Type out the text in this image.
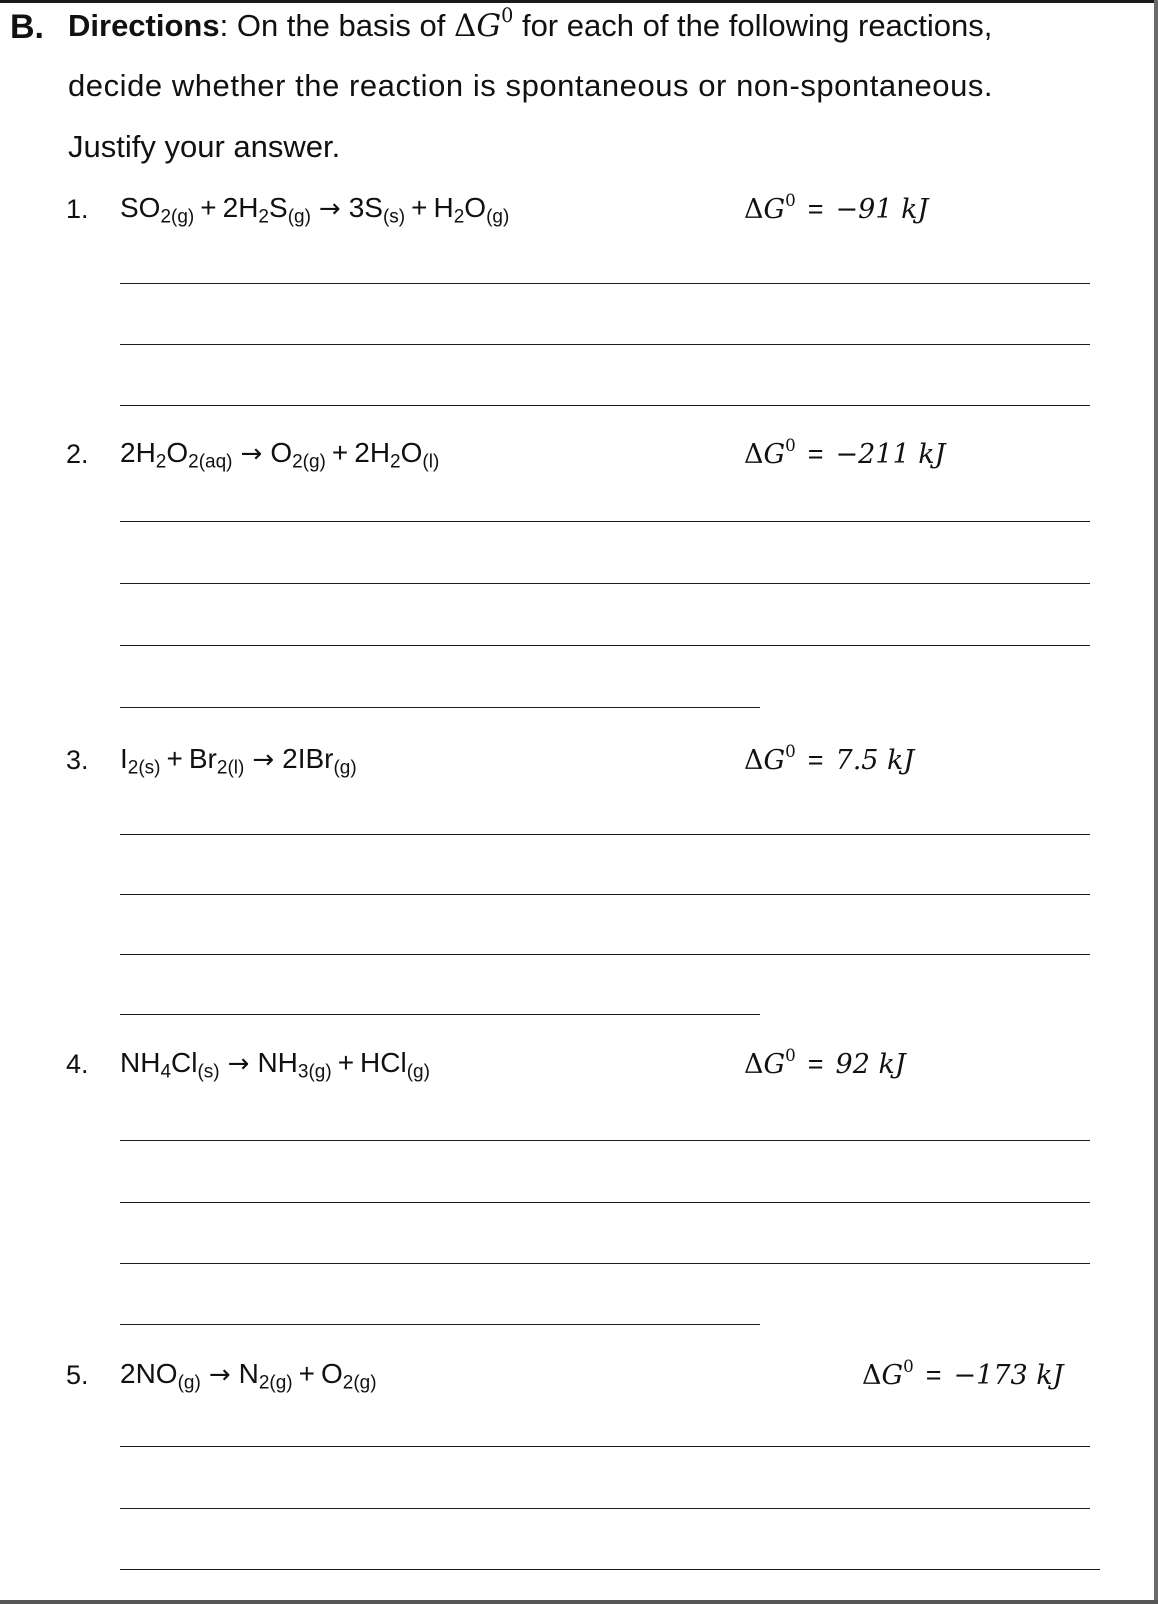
B. Directions: On the basis of $\Delta G^0$ for each of the following reactions,
decide whether the reaction is spontaneous or non-spontaneous.
Justify your answer.
1. $SO_{2(g)} + 2H_2S_{(g)} \to 3S_{(s)} + H_2O_{(g)}$	$\Delta G^0 = -91$ kJ
2. $2H_2O_{2(aq)} \to O_{2(g)} + 2H_2O_{(l)}$	$\Delta G^0 = -211$ kJ
3. $I_{2(s)} + Br_{2(l)} \to 2IBr_{(g)}$	$\Delta G^0 = 7.5$ kJ
4. $NH_4Cl_{(s)} \to NH_{3(g)} + HCl_{(g)}$	$\Delta G^0 = 92$ kJ
5. $2NO_{(g)} \to N_{2(g)} + O_{2(g)}$	$\Delta G^0 = -173$ kJ
